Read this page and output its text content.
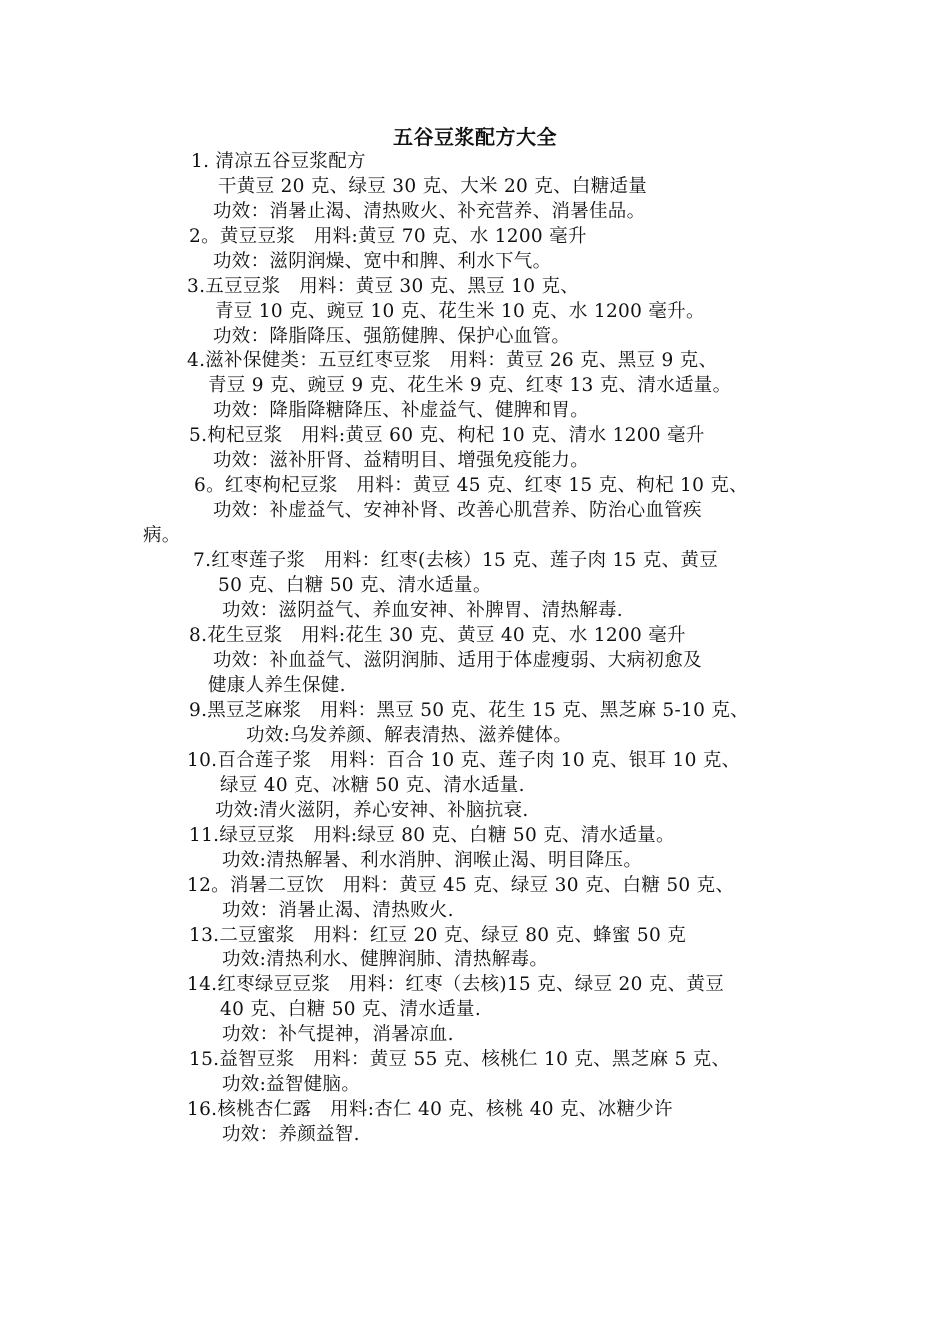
五谷豆浆配方大全
1. 清凉五谷豆浆配方
干黄豆 20 克、绿豆 30 克、大米 20 克、白糖适量
功效：消暑止渴、清热败火、补充营养、消暑佳品。
2。黄豆豆浆　用料:黄豆 70 克、水 1200 毫升
功效：滋阴润燥、宽中和脾、利水下气。
3.五豆豆浆　用料：黄豆 30 克、黑豆 10 克、
青豆 10 克、豌豆 10 克、花生米 10 克、水 1200 毫升。
功效：降脂降压、强筋健脾、保护心血管。
4.滋补保健类：五豆红枣豆浆　用料：黄豆 26 克、黑豆 9 克、
青豆 9 克、豌豆 9 克、花生米 9 克、红枣 13 克、清水适量。
功效：降脂降糖降压、补虚益气、健脾和胃。
5.枸杞豆浆　用料:黄豆 60 克、枸杞 10 克、清水 1200 毫升
功效：滋补肝肾、益精明目、增强免疫能力。
6。红枣枸杞豆浆　用料：黄豆 45 克、红枣 15 克、枸杞 10 克、
功效：补虚益气、安神补肾、改善心肌营养、防治心血管疾
病。
7.红枣莲子浆　用料：红枣(去核）15 克、莲子肉 15 克、黄豆
50 克、白糖 50 克、清水适量。
功效：滋阴益气、养血安神、补脾胃、清热解毒.
8.花生豆浆　用料:花生 30 克、黄豆 40 克、水 1200 毫升
功效：补血益气、滋阴润肺、适用于体虚瘦弱、大病初愈及
健康人养生保健.
9.黑豆芝麻浆　用料：黑豆 50 克、花生 15 克、黑芝麻 5-10 克、
功效:乌发养颜、解表清热、滋养健体。
10.百合莲子浆　用料：百合 10 克、莲子肉 10 克、银耳 10 克、
绿豆 40 克、冰糖 50 克、清水适量.
功效:清火滋阴，养心安神、补脑抗衰.
11.绿豆豆浆　用料:绿豆 80 克、白糖 50 克、清水适量。
功效:清热解暑、利水消肿、润喉止渴、明目降压。
12。消暑二豆饮　用料：黄豆 45 克、绿豆 30 克、白糖 50 克、
功效：消暑止渴、清热败火.
13.二豆蜜浆　用料：红豆 20 克、绿豆 80 克、蜂蜜 50 克
功效:清热利水、健脾润肺、清热解毒。
14.红枣绿豆豆浆　用料：红枣（去核)15 克、绿豆 20 克、黄豆
40 克、白糖 50 克、清水适量.
功效：补气提神，消暑凉血.
15.益智豆浆　用料：黄豆 55 克、核桃仁 10 克、黑芝麻 5 克、
功效:益智健脑。
16.核桃杏仁露　用料:杏仁 40 克、核桃 40 克、冰糖少许
功效：养颜益智.
